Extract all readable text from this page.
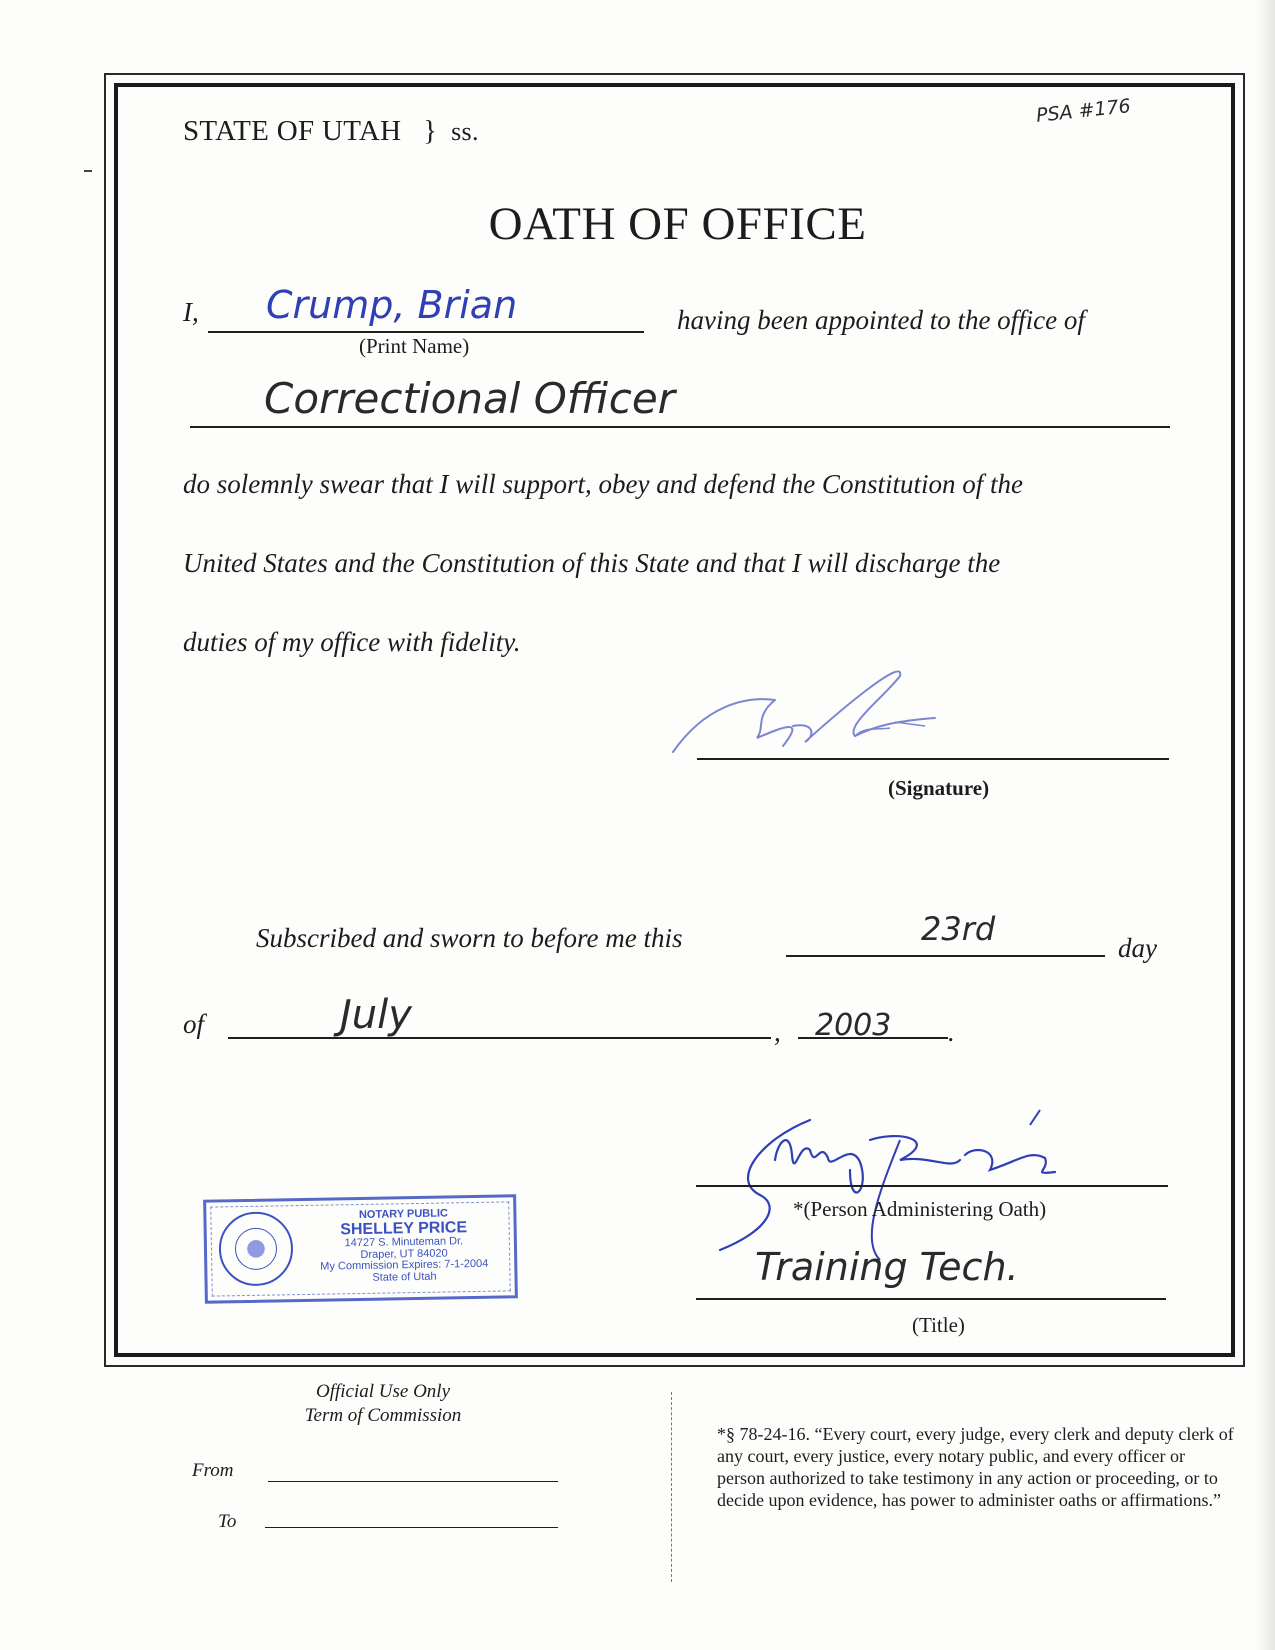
STATE OF UTAH } ss.
PSA #176
OATH OF OFFICE
I, Crump, Brian
(Print Name)
having been appointed to the office of
Correctional Officer
do solemnly swear that I will support, obey and defend the Constitution of the
United States and the Constitution of this State and that I will discharge the
duties of my office with fidelity.
(Signature)
Subscribed and sworn to before me this	23rd	day
of	July	, 2003 .
*(Person Administering Oath)
Training Tech.
(Title)
NOTARY PUBLIC
SHELLEY PRICE
14727 S. Minuteman Dr.
Draper, UT 84020
My Commission Expires: 7-1-2004
State of Utah
Official Use Only
Term of Commission
From
To
*§ 78-24-16. “Every court, every judge, every clerk and deputy clerk of any court, every justice, every notary public, and every officer or person authorized to take testimony in any action or proceeding, or to decide upon evidence, has power to administer oaths or affirmations.”
